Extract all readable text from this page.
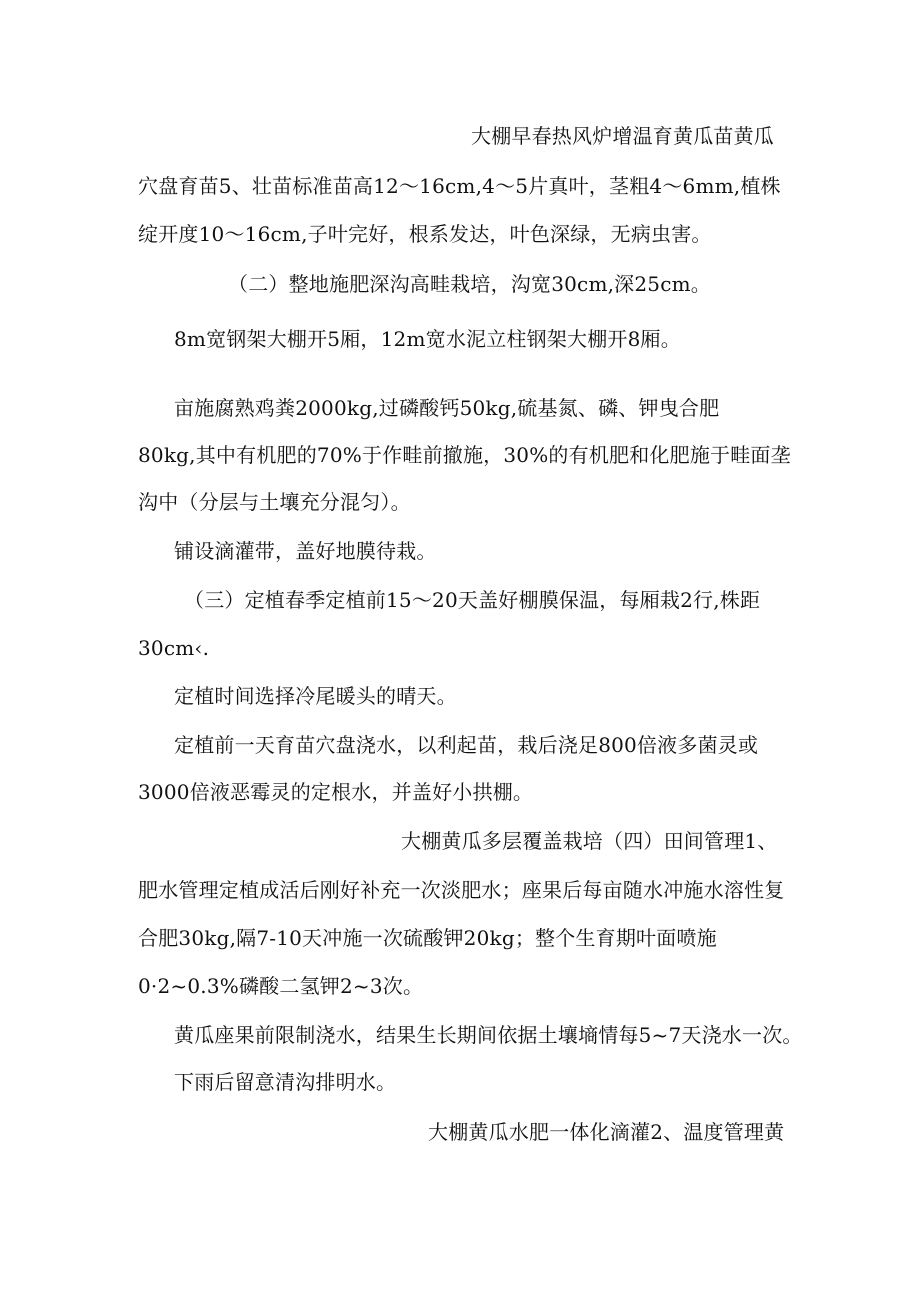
大棚早春热风炉增温育黄瓜苗黄瓜
穴盘育苗5、壮苗标准苗高12～16cm,4～5片真叶，茎粗4～6mm,植株
绽开度10～16cm,子叶完好，根系发达，叶色深绿，无病虫害。
（二）整地施肥深沟高畦栽培，沟宽30cm,深25cm。
8m宽钢架大棚开5厢，12m宽水泥立柱钢架大棚开8厢。
亩施腐熟鸡粪2000kg,过磷酸钙50kg,硫基氮、磷、钾曳合肥
80kg,其中有机肥的70%于作畦前撤施，30%的有机肥和化肥施于畦面垄
沟中（分层与土壤充分混匀）。
铺设滴灌带，盖好地膜待栽。
（三）定植春季定植前15～20天盖好棚膜保温，每厢栽2行,株距
30cm‹.
定植时间选择冷尾暖头的晴天。
定植前一天育苗穴盘浇水，以利起苗，栽后浇足800倍液多菌灵或
3000倍液恶霉灵的定根水，并盖好小拱棚。
大棚黄瓜多层覆盖栽培（四）田间管理1、
肥水管理定植成活后刚好补充一次淡肥水；座果后每亩随水冲施水溶性复
合肥30kg,隔7-10天冲施一次硫酸钾20kg；整个生育期叶面喷施
0·2~0.3%磷酸二氢钾2~3次。
黄瓜座果前限制浇水，结果生长期间依据土壤墒情每5~7天浇水一次。
下雨后留意清沟排明水。
大棚黄瓜水肥一体化滴灌2、温度管理黄
